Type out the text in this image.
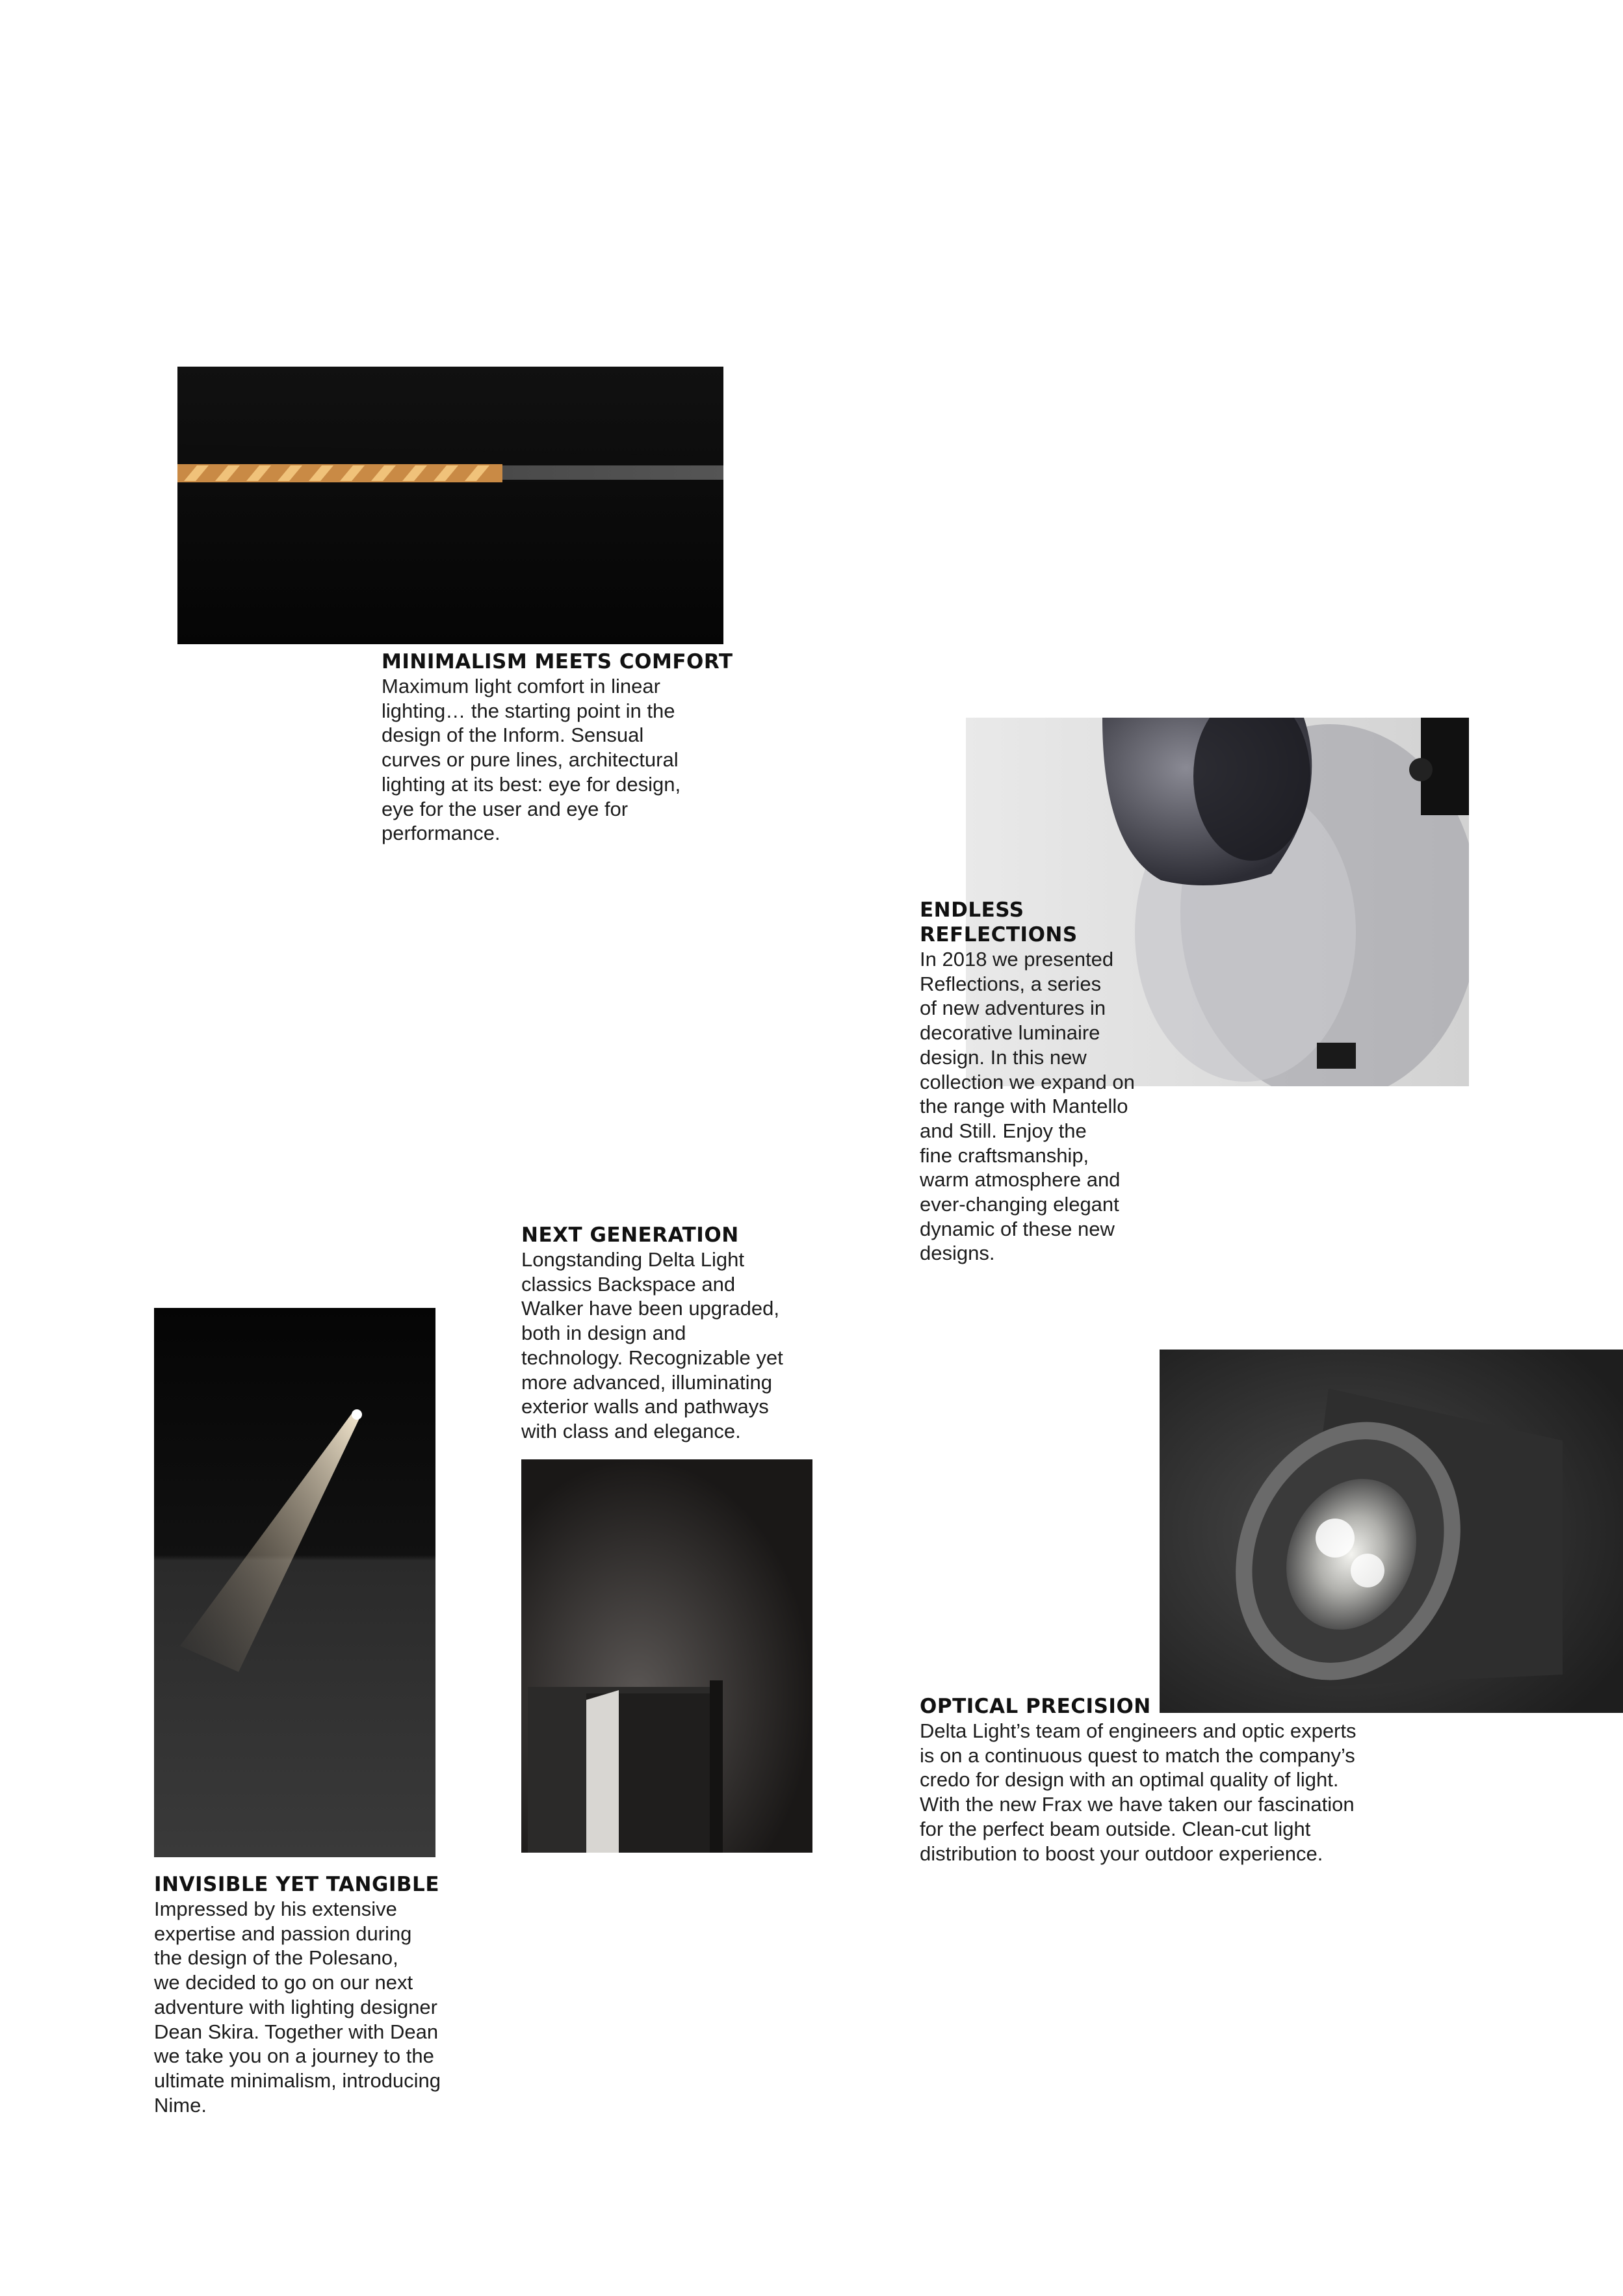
MINIMALISM MEETS COMFORT

Maximum light comfort in linear
lighting… the starting point in the
design of the Inform. Sensual
curves or pure lines, architectural
lighting at its best: eye for design,
eye for the user and eye for
performance.

ENDLESS
REFLECTIONS

In 2018 we presented
Reflections, a series
of new adventures in
decorative luminaire
design. In this new
collection we expand on
the range with Mantello
and Still. Enjoy the
fine craftsmanship,
warm atmosphere and
ever-changing elegant
dynamic of these new
designs.

NEXT GENERATION

Longstanding Delta Light
classics Backspace and
Walker have been upgraded,
both in design and
technology. Recognizable yet
more advanced, illuminating
exterior walls and pathways
with class and elegance.

OPTICAL PRECISION

Delta Light’s team of engineers and optic experts
is on a continuous quest to match the company’s
credo for design with an optimal quality of light.
With the new Frax we have taken our fascination
for the perfect beam outside. Clean-cut light
distribution to boost your outdoor experience.

INVISIBLE YET TANGIBLE

Impressed by his extensive
expertise and passion during
the design of the Polesano,
we decided to go on our next
adventure with lighting designer
Dean Skira. Together with Dean
we take you on a journey to the
ultimate minimalism, introducing
Nime.
